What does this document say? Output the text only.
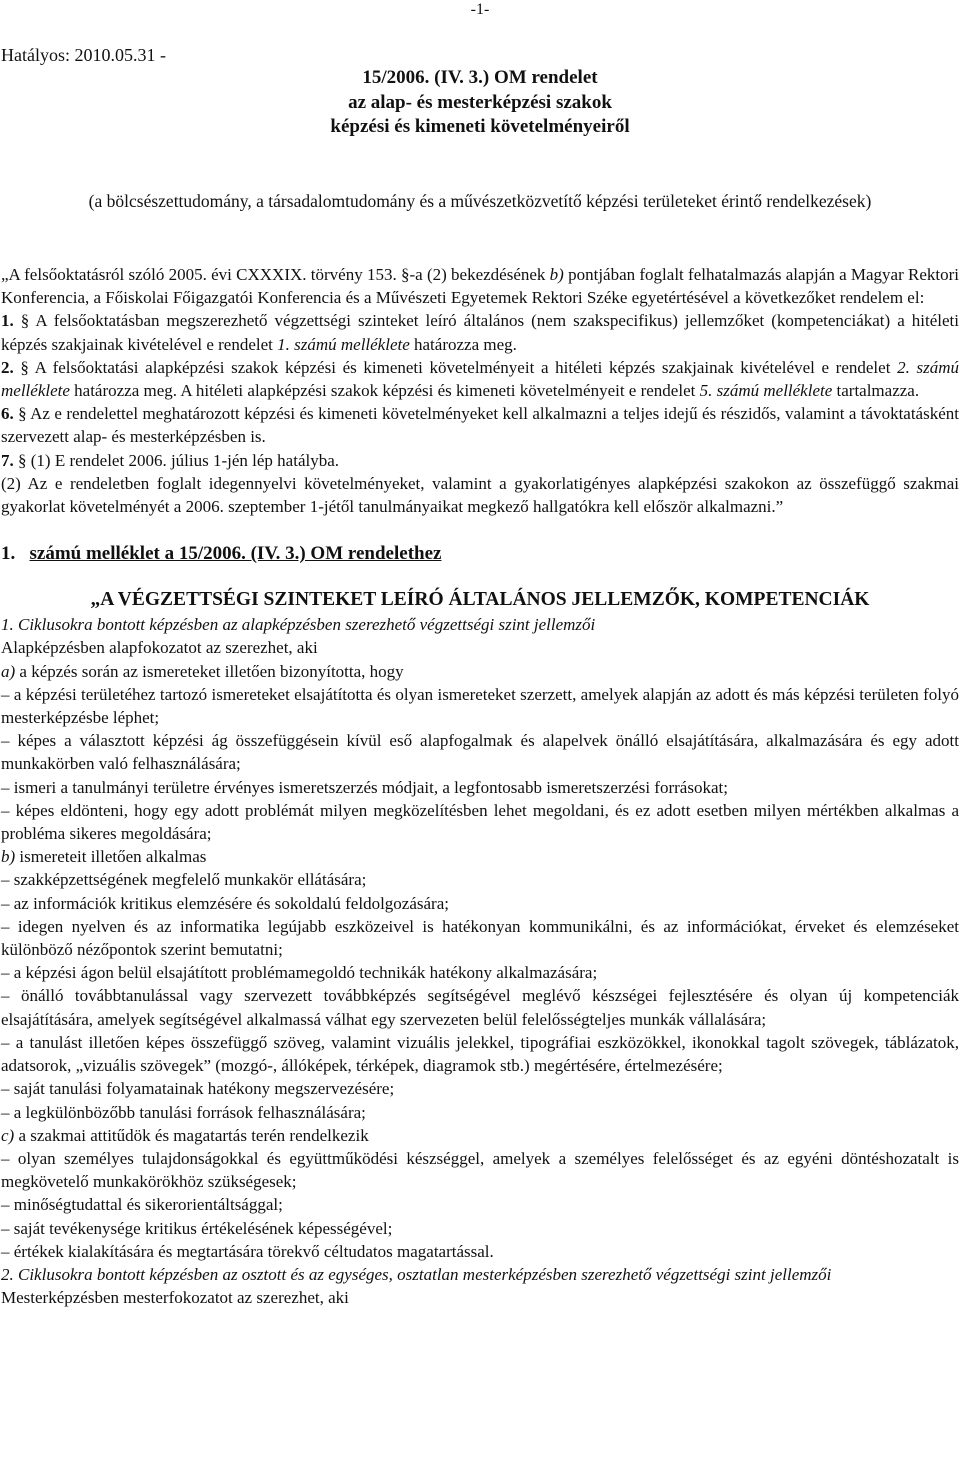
-1-
Hatályos: 2010.05.31 -
15/2006. (IV. 3.) OM rendelet
az alap- és mesterképzési szakok
képzési és kimeneti követelményeiről
(a bölcsészettudomány, a társadalomtudomány és a művészetközvetítő képzési területeket érintő rendelkezések)

„A felsőoktatásról szóló 2005. évi CXXXIX. törvény 153. §-a (2) bekezdésének b) pontjában foglalt felhatalmazás alapján a Magyar Rektori Konferencia, a Főiskolai Főigazgatói Konferencia és a Művészeti Egyetemek Rektori Széke egyetértésével a következőket rendelem el:

1. § A felsőoktatásban megszerezhető végzettségi szinteket leíró általános (nem szakspecifikus) jellemzőket (kompetenciákat) a hitéleti képzés szakjainak kivételével e rendelet 1. számú melléklete határozza meg.

2. § A felsőoktatási alapképzési szakok képzési és kimeneti követelményeit a hitéleti képzés szakjainak kivételével e rendelet 2. számú melléklete határozza meg. A hitéleti alapképzési szakok képzési és kimeneti követelményeit e rendelet 5. számú melléklete tartalmazza.

6. § Az e rendelettel meghatározott képzési és kimeneti követelményeket kell alkalmazni a teljes idejű és részidős, valamint a távoktatásként szervezett alap- és mesterképzésben is.

7. § (1) E rendelet 2006. július 1-jén lép hatályba.

(2) Az e rendeletben foglalt idegennyelvi követelményeket, valamint a gyakorlatigényes alapképzési szakokon az összefüggő szakmai gyakorlat követelményét a 2006. szeptember 1-jétől tanulmányaikat megkező hallgatókra kell először alkalmazni.”

1. számú melléklet a 15/2006. (IV. 3.) OM rendelethez

„A VÉGZETTSÉGI SZINTEKET LEÍRÓ ÁLTALÁNOS JELLEMZŐK, KOMPETENCIÁK

1. Ciklusokra bontott képzésben az alapképzésben szerezhető végzettségi szint jellemzői

Alapképzésben alapfokozatot az szerezhet, aki

a) a képzés során az ismereteket illetően bizonyította, hogy

– a képzési területéhez tartozó ismereteket elsajátította és olyan ismereteket szerzett, amelyek alapján az adott és más képzési területen folyó mesterképzésbe léphet;

– képes a választott képzési ág összefüggésein kívül eső alapfogalmak és alapelvek önálló elsajátítására, alkalmazására és egy adott munkakörben való felhasználására;

– ismeri a tanulmányi területre érvényes ismeretszerzés módjait, a legfontosabb ismeretszerzési forrásokat;

– képes eldönteni, hogy egy adott problémát milyen megközelítésben lehet megoldani, és ez adott esetben milyen mértékben alkalmas a probléma sikeres megoldására;

b) ismereteit illetően alkalmas

– szakképzettségének megfelelő munkakör ellátására;

– az információk kritikus elemzésére és sokoldalú feldolgozására;

– idegen nyelven és az informatika legújabb eszközeivel is hatékonyan kommunikálni, és az információkat, érveket és elemzéseket különböző nézőpontok szerint bemutatni;

– a képzési ágon belül elsajátított problémamegoldó technikák hatékony alkalmazására;

– önálló továbbtanulással vagy szervezett továbbképzés segítségével meglévő készségei fejlesztésére és olyan új kompetenciák elsajátítására, amelyek segítségével alkalmassá válhat egy szervezeten belül felelősségteljes munkák vállalására;

– a tanulást illetően képes összefüggő szöveg, valamint vizuális jelekkel, tipográfiai eszközökkel, ikonokkal tagolt szövegek, táblázatok, adatsorok, „vizuális szövegek” (mozgó-, állóképek, térképek, diagramok stb.) megértésére, értelmezésére;

– saját tanulási folyamatainak hatékony megszervezésére;

– a legkülönbözőbb tanulási források felhasználására;

c) a szakmai attitűdök és magatartás terén rendelkezik

– olyan személyes tulajdonságokkal és együttműködési készséggel, amelyek a személyes felelősséget és az egyéni döntéshozatalt is megkövetelő munkakörökhöz szükségesek;

– minőségtudattal és sikerorientáltsággal;

– saját tevékenysége kritikus értékelésének képességével;

– értékek kialakítására és megtartására törekvő céltudatos magatartással.

2. Ciklusokra bontott képzésben az osztott és az egységes, osztatlan mesterképzésben szerezhető végzettségi szint jellemzői

Mesterképzésben mesterfokozatot az szerezhet, aki
